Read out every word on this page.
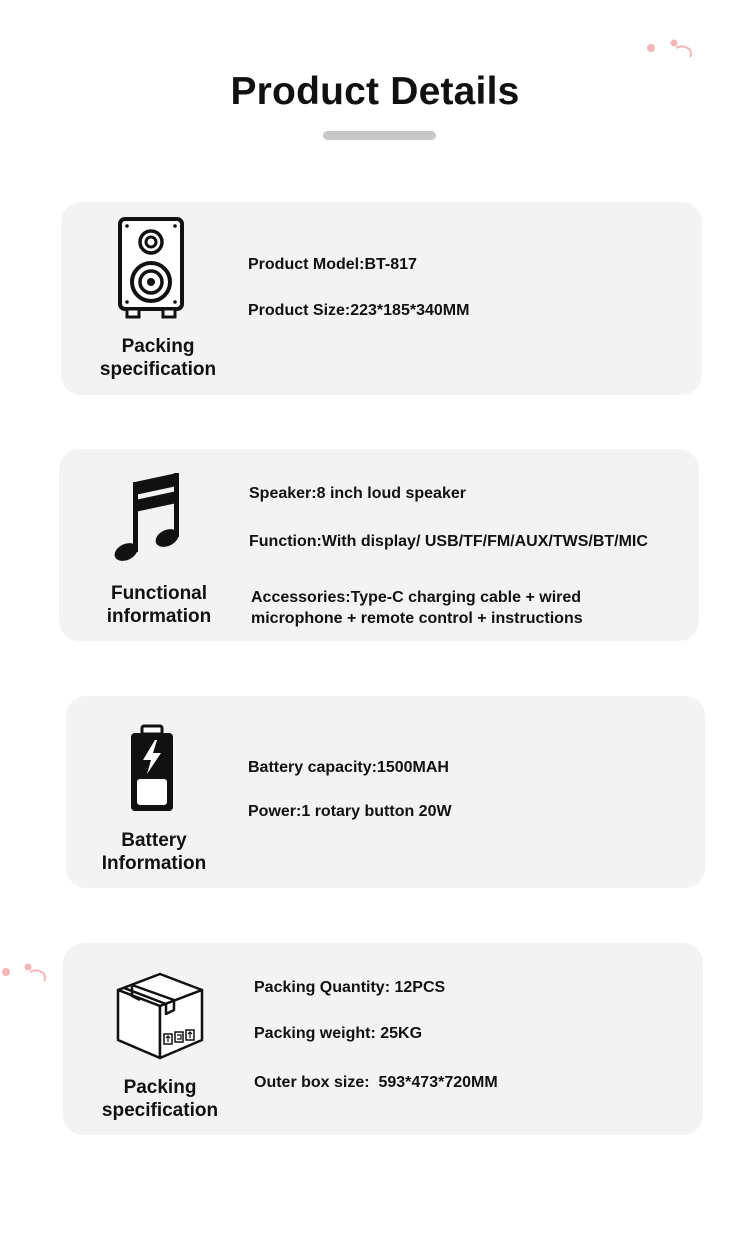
Product Details
Packing
specification
Product Model:BT-817
Product Size:223*185*340MM
Functional
information
Speaker:8 inch loud speaker
Function:With display/ USB/TF/FM/AUX/TWS/BT/MIC
Accessories:Type-C charging cable + wired microphone + remote control + instructions
Battery
Information
Battery capacity:1500MAH
Power:1 rotary button 20W
Packing
specification
Packing Quantity: 12PCS
Packing weight: 25KG
Outer box size:  593*473*720MM
